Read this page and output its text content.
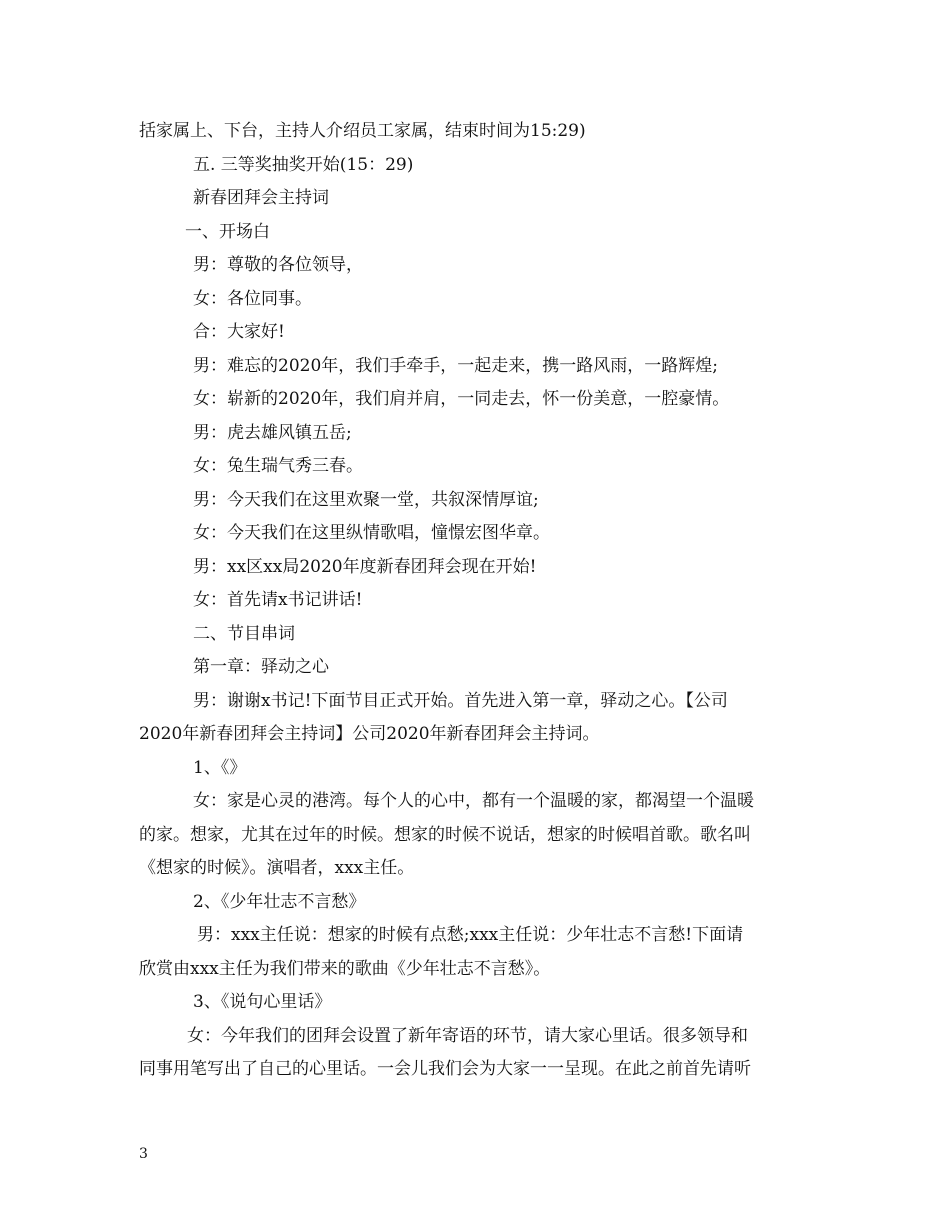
括家属上、下台，主持人介绍员工家属，结束时间为15:29)
五. 三等奖抽奖开始(15：29)
新春团拜会主持词
一、开场白
男：尊敬的各位领导，
女：各位同事。
合：大家好!
男：难忘的2020年，我们手牵手，一起走来，携一路风雨，一路辉煌;
女：崭新的2020年，我们肩并肩，一同走去，怀一份美意，一腔豪情。
男：虎去雄风镇五岳;
女：兔生瑞气秀三春。
男：今天我们在这里欢聚一堂，共叙深情厚谊;
女：今天我们在这里纵情歌唱，憧憬宏图华章。
男：xx区xx局2020年度新春团拜会现在开始!
女：首先请x书记讲话!
二、节目串词
第一章：驿动之心
男：谢谢x书记!下面节目正式开始。首先进入第一章，驿动之心。【公司
2020年新春团拜会主持词】公司2020年新春团拜会主持词。
1、《》
女：家是心灵的港湾。每个人的心中，都有一个温暖的家，都渴望一个温暖
的家。想家，尤其在过年的时候。想家的时候不说话，想家的时候唱首歌。歌名叫
《想家的时候》。演唱者，xxx主任。
2、《少年壮志不言愁》
男：xxx主任说：想家的时候有点愁;xxx主任说：少年壮志不言愁!下面请
欣赏由xxx主任为我们带来的歌曲《少年壮志不言愁》。
3、《说句心里话》
女：今年我们的团拜会设置了新年寄语的环节，请大家心里话。很多领导和
同事用笔写出了自己的心里话。一会儿我们会为大家一一呈现。在此之前首先请听
3
